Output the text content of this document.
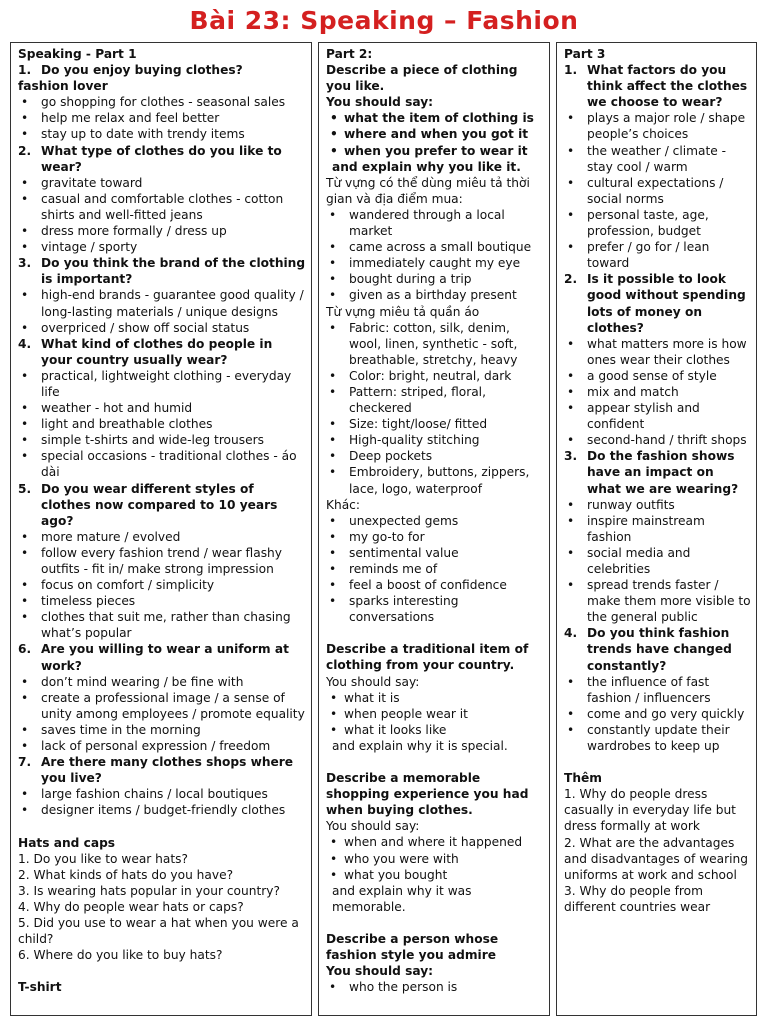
Bài 23: Speaking – Fashion
Speaking - Part 1
1. Do you enjoy buying clothes?
fashion lover
• go shopping for clothes - seasonal sales
• help me relax and feel better
• stay up to date with trendy items
2. What type of clothes do you like to wear?
• gravitate toward
• casual and comfortable clothes - cotton shirts and well-fitted jeans
• dress more formally / dress up
• vintage / sporty
3. Do you think the brand of the clothing is important?
• high-end brands - guarantee good quality / long-lasting materials / unique designs
• overpriced / show off social status
4. What kind of clothes do people in your country usually wear?
• practical, lightweight clothing - everyday life
• weather - hot and humid
• light and breathable clothes
• simple t-shirts and wide-leg trousers
• special occasions - traditional clothes - áo dài
5. Do you wear different styles of clothes now compared to 10 years ago?
• more mature / evolved
• follow every fashion trend / wear flashy outfits - fit in/ make strong impression
• focus on comfort / simplicity
• timeless pieces
• clothes that suit me, rather than chasing what’s popular
6. Are you willing to wear a uniform at work?
• don’t mind wearing / be fine with
• create a professional image / a sense of unity among employees / promote equality
• saves time in the morning
• lack of personal expression / freedom
7. Are there many clothes shops where you live?
• large fashion chains / local boutiques
• designer items / budget-friendly clothes
Hats and caps
1. Do you like to wear hats?
2. What kinds of hats do you have?
3. Is wearing hats popular in your country?
4. Why do people wear hats or caps?
5. Did you use to wear a hat when you were a child?
6. Where do you like to buy hats?
T-shirt
Part 2:
Describe a piece of clothing you like.
You should say:
• what the item of clothing is
• where and when you got it
• when you prefer to wear it
and explain why you like it.
Từ vựng có thể dùng miêu tả thời gian và địa điểm mua:
• wandered through a local market
• came across a small boutique
• immediately caught my eye
• bought during a trip
• given as a birthday present
Từ vựng miêu tả quần áo
• Fabric: cotton, silk, denim, wool, linen, synthetic - soft, breathable, stretchy, heavy
• Color: bright, neutral, dark
• Pattern: striped, floral, checkered
• Size: tight/loose/ fitted
• High-quality stitching
• Deep pockets
• Embroidery, buttons, zippers, lace, logo, waterproof
Khác:
• unexpected gems
• my go-to for
• sentimental value
• reminds me of
• feel a boost of confidence
• sparks interesting conversations
Describe a traditional item of clothing from your country.
You should say:
• what it is
• when people wear it
• what it looks like
and explain why it is special.
Describe a memorable shopping experience you had when buying clothes.
You should say:
• when and where it happened
• who you were with
• what you bought
and explain why it was memorable.
Describe a person whose fashion style you admire
You should say:
• who the person is
Part 3
1. What factors do you think affect the clothes we choose to wear?
• plays a major role / shape people’s choices
• the weather / climate - stay cool / warm
• cultural expectations / social norms
• personal taste, age, profession, budget
• prefer / go for / lean toward
2. Is it possible to look good without spending lots of money on clothes?
• what matters more is how ones wear their clothes
• a good sense of style
• mix and match
• appear stylish and confident
• second-hand / thrift shops
3. Do the fashion shows have an impact on what we are wearing?
• runway outfits
• inspire mainstream fashion
• social media and celebrities
• spread trends faster / make them more visible to the general public
4. Do you think fashion trends have changed constantly?
• the influence of fast fashion / influencers
• come and go very quickly
• constantly update their wardrobes to keep up
Thêm
1. Why do people dress casually in everyday life but dress formally at work
2. What are the advantages and disadvantages of wearing uniforms at work and school
3. Why do people from different countries wear
